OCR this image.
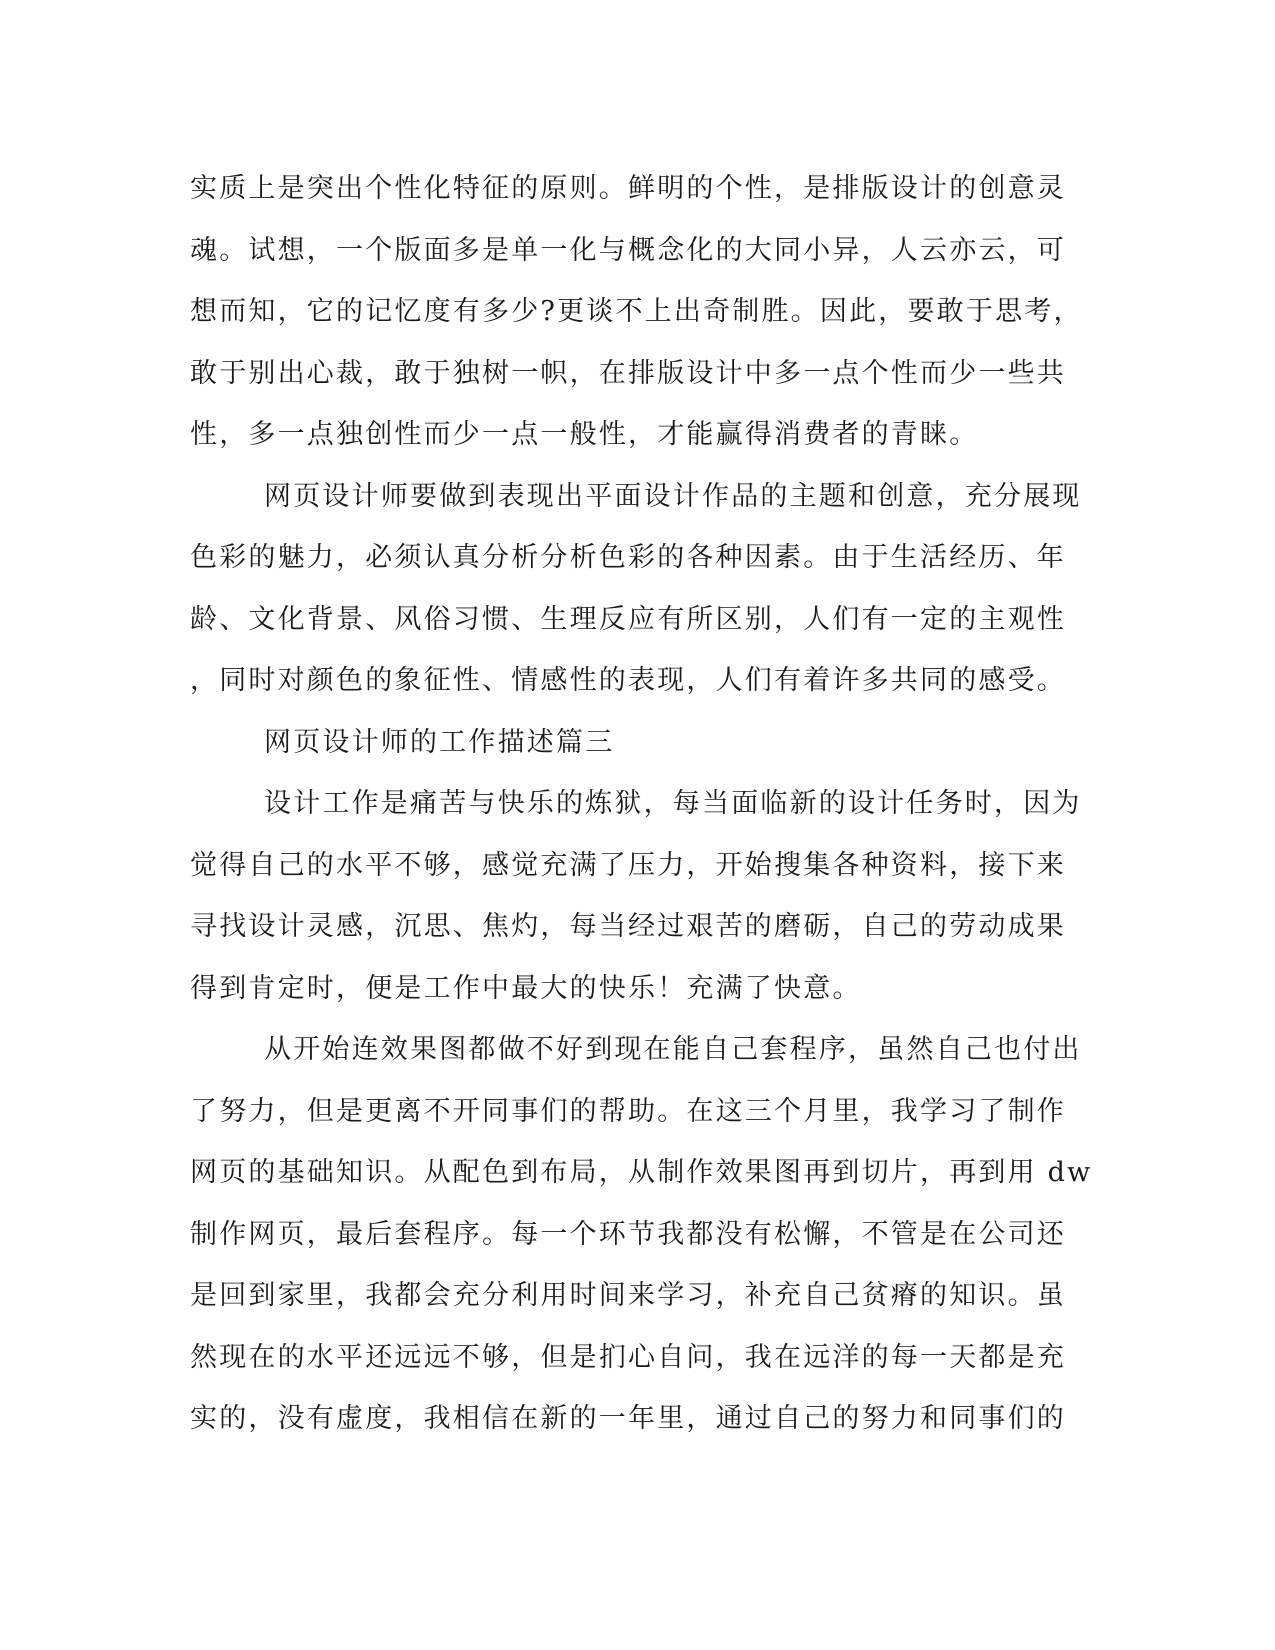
实质上是突出个性化特征的原则。鲜明的个性，是排版设计的创意灵
魂。试想，一个版面多是单一化与概念化的大同小异，人云亦云，可
想而知，它的记忆度有多少?更谈不上出奇制胜。因此，要敢于思考，
敢于别出心裁，敢于独树一帜，在排版设计中多一点个性而少一些共
性，多一点独创性而少一点一般性，才能赢得消费者的青睐。
网页设计师要做到表现出平面设计作品的主题和创意，充分展现
色彩的魅力，必须认真分析分析色彩的各种因素。由于生活经历、年
龄、文化背景、风俗习惯、生理反应有所区别，人们有一定的主观性
，同时对颜色的象征性、情感性的表现，人们有着许多共同的感受。
网页设计师的工作描述篇三
设计工作是痛苦与快乐的炼狱，每当面临新的设计任务时，因为
觉得自己的水平不够，感觉充满了压力，开始搜集各种资料，接下来
寻找设计灵感，沉思、焦灼，每当经过艰苦的磨砺，自己的劳动成果
得到肯定时，便是工作中最大的快乐！充满了快意。
从开始连效果图都做不好到现在能自己套程序，虽然自己也付出
了努力，但是更离不开同事们的帮助。在这三个月里，我学习了制作
网页的基础知识。从配色到布局，从制作效果图再到切片，再到用 dw
制作网页，最后套程序。每一个环节我都没有松懈，不管是在公司还
是回到家里，我都会充分利用时间来学习，补充自己贫瘠的知识。虽
然现在的水平还远远不够，但是扪心自问，我在远洋的每一天都是充
实的，没有虚度，我相信在新的一年里，通过自己的努力和同事们的
